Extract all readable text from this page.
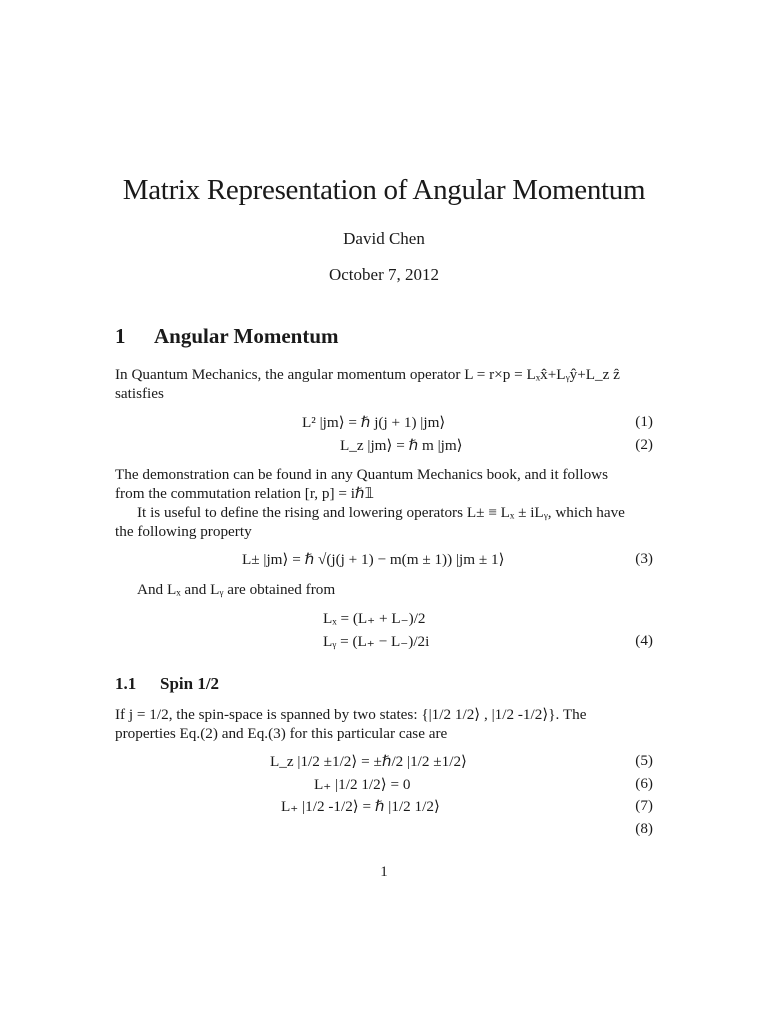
Matrix Representation of Angular Momentum
David Chen
October 7, 2012
1 Angular Momentum
In Quantum Mechanics, the angular momentum operator L = r×p = Lₓx̂+Lᵧŷ+L_z ẑ
satisfies
L² |jm⟩ = ℏ j(j + 1) |jm⟩	(1)
L_z |jm⟩ = ℏ m |jm⟩	(2)
The demonstration can be found in any Quantum Mechanics book, and it follows
from the commutation relation [r, p] = iℏ𝟙
It is useful to define the rising and lowering operators L± ≡ Lₓ ± iLᵧ, which have
the following property
L± |jm⟩ = ℏ √(j(j + 1) − m(m ± 1)) |jm ± 1⟩	(3)
And Lₓ and Lᵧ are obtained from
Lₓ = (L₊ + L₋)/2
Lᵧ = (L₊ − L₋)/2i	(4)
1.1 Spin 1/2
If j = 1/2, the spin-space is spanned by two states: {|1/2 1/2⟩ , |1/2 -1/2⟩}. The
properties Eq.(2) and Eq.(3) for this particular case are
L_z |1/2 ±1/2⟩ = ±ℏ/2 |1/2 ±1/2⟩	(5)
L₊ |1/2 1/2⟩ = 0	(6)
L₊ |1/2 -1/2⟩ = ℏ |1/2 1/2⟩	(7)
(8)
1
